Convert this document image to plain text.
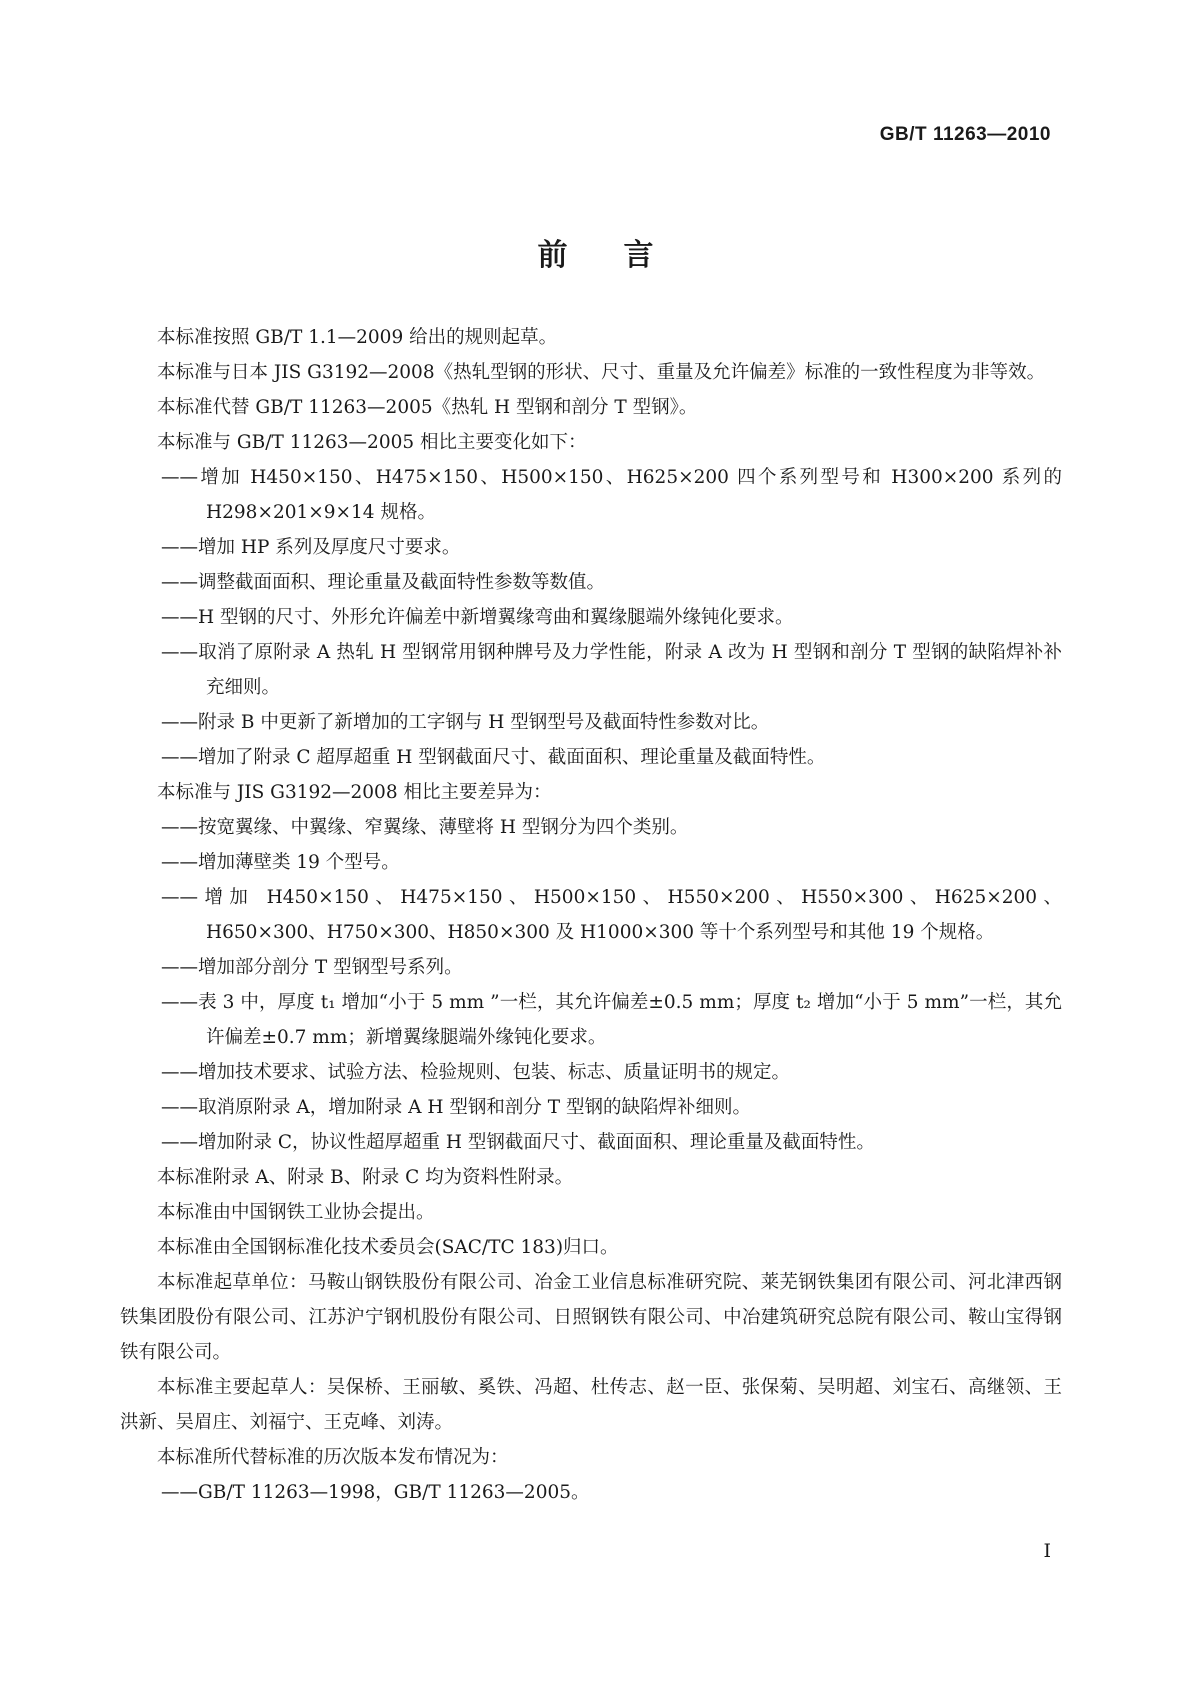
GB/T 11263—2010
前言

本标准按照 GB/T 1.1—2009 给出的规则起草。

本标准与日本 JIS G3192—2008《热轧型钢的形状、尺寸、重量及允许偏差》标准的一致性程度为非等效。

本标准代替 GB/T 11263—2005《热轧 H 型钢和剖分 T 型钢》。

本标准与 GB/T 11263—2005 相比主要变化如下：

——增加 H450×150、H475×150、H500×150、H625×200 四个系列型号和 H300×200 系列的 H298×201×9×14 规格。

——增加 HP 系列及厚度尺寸要求。

——调整截面面积、理论重量及截面特性参数等数值。

——H 型钢的尺寸、外形允许偏差中新增翼缘弯曲和翼缘腿端外缘钝化要求。

——取消了原附录 A 热轧 H 型钢常用钢种牌号及力学性能，附录 A 改为 H 型钢和剖分 T 型钢的缺陷焊补补充细则。

——附录 B 中更新了新增加的工字钢与 H 型钢型号及截面特性参数对比。

——增加了附录 C 超厚超重 H 型钢截面尺寸、截面面积、理论重量及截面特性。

本标准与 JIS G3192—2008 相比主要差异为：

——按宽翼缘、中翼缘、窄翼缘、薄壁将 H 型钢分为四个类别。

——增加薄壁类 19 个型号。

——增加 H450×150、H475×150、H500×150、H550×200、H550×300、H625×200、H650×300、H750×300、H850×300 及 H1000×300 等十个系列型号和其他 19 个规格。

——增加部分剖分 T 型钢型号系列。

——表 3 中，厚度 t₁ 增加“小于 5 mm ”一栏，其允许偏差±0.5 mm；厚度 t₂ 增加“小于 5 mm”一栏，其允许偏差±0.7 mm；新增翼缘腿端外缘钝化要求。

——增加技术要求、试验方法、检验规则、包装、标志、质量证明书的规定。

——取消原附录 A，增加附录 A H 型钢和剖分 T 型钢的缺陷焊补细则。

——增加附录 C，协议性超厚超重 H 型钢截面尺寸、截面面积、理论重量及截面特性。

本标准附录 A、附录 B、附录 C 均为资料性附录。

本标准由中国钢铁工业协会提出。

本标准由全国钢标准化技术委员会(SAC/TC 183)归口。

本标准起草单位：马鞍山钢铁股份有限公司、冶金工业信息标准研究院、莱芜钢铁集团有限公司、河北津西钢铁集团股份有限公司、江苏沪宁钢机股份有限公司、日照钢铁有限公司、中冶建筑研究总院有限公司、鞍山宝得钢铁有限公司。

本标准主要起草人：吴保桥、王丽敏、奚铁、冯超、杜传志、赵一臣、张保菊、吴明超、刘宝石、高继领、王洪新、吴眉庄、刘福宁、王克峰、刘涛。

本标准所代替标准的历次版本发布情况为：

——GB/T 11263—1998，GB/T 11263—2005。

I
